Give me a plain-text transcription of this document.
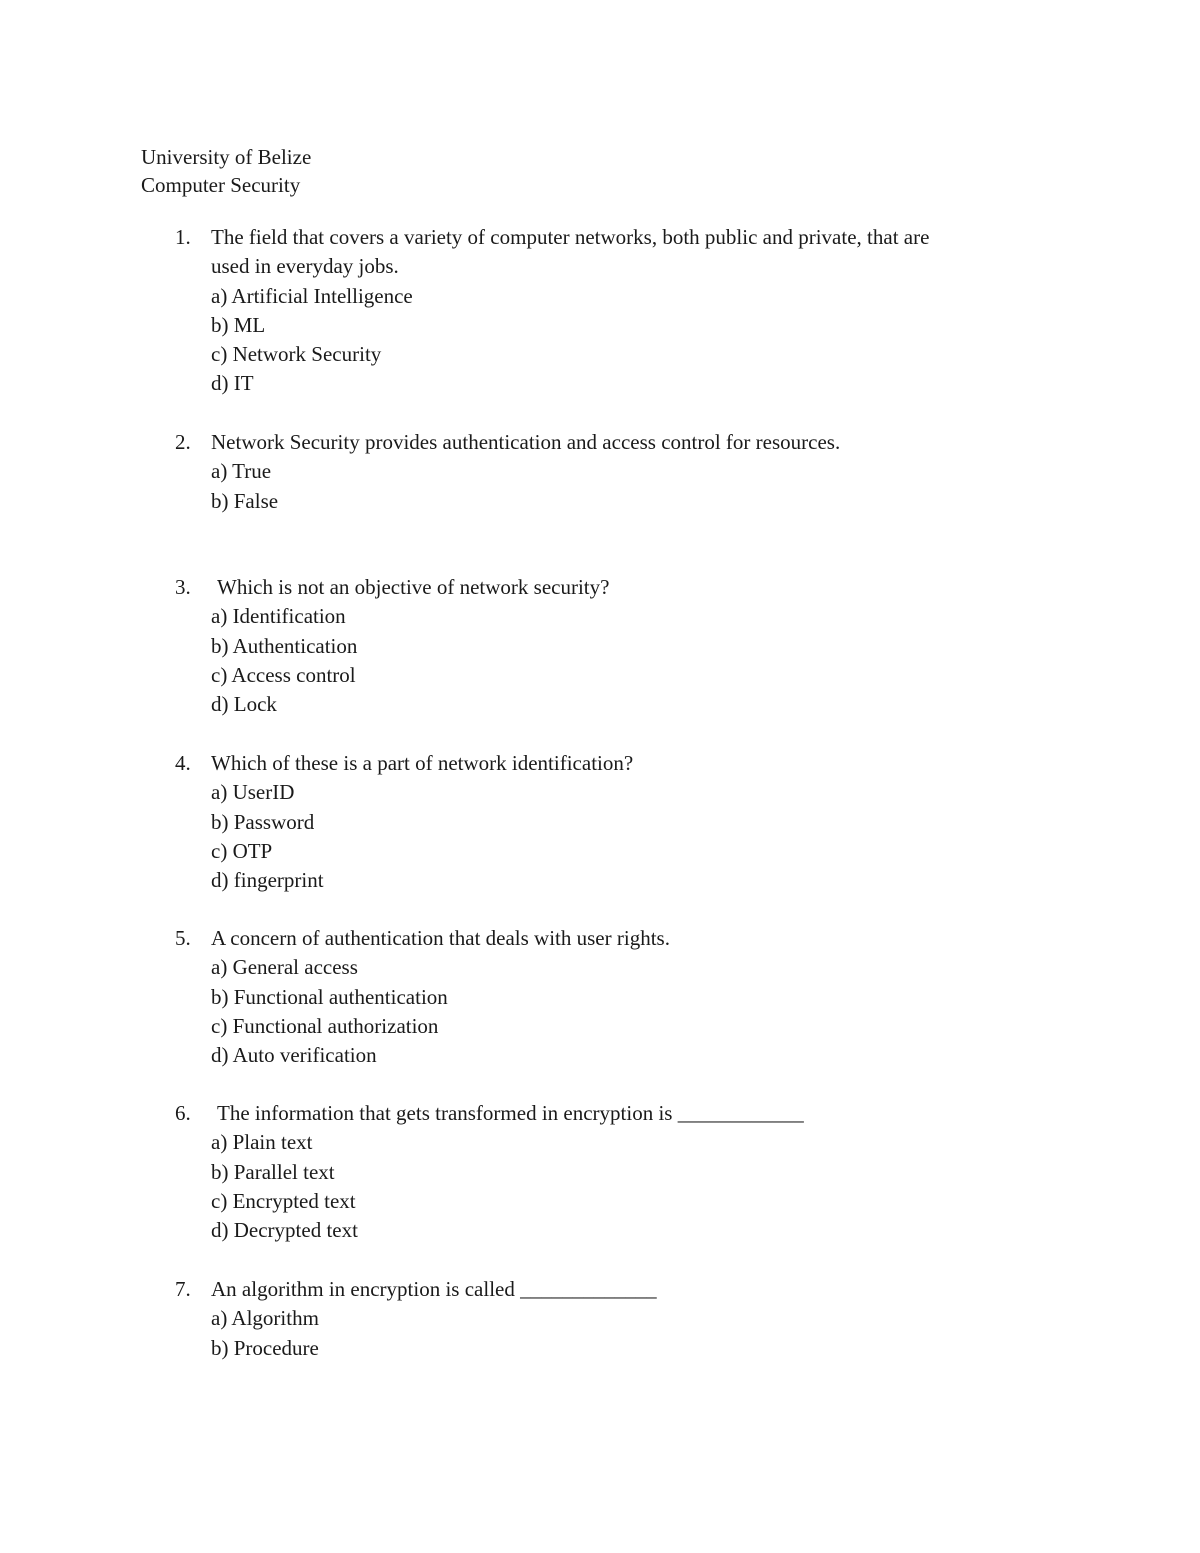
University of Belize
Computer Security
1. The field that covers a variety of computer networks, both public and private, that are
used in everyday jobs.
a) Artificial Intelligence
b) ML
c) Network Security
d) IT
2. Network Security provides authentication and access control for resources.
a) True
b) False
3. Which is not an objective of network security?
a) Identification
b) Authentication
c) Access control
d) Lock
4. Which of these is a part of network identification?
a) UserID
b) Password
c) OTP
d) fingerprint
5. A concern of authentication that deals with user rights.
a) General access
b) Functional authentication
c) Functional authorization
d) Auto verification
6. The information that gets transformed in encryption is ____________
a) Plain text
b) Parallel text
c) Encrypted text
d) Decrypted text
7. An algorithm in encryption is called _____________
a) Algorithm
b) Procedure
